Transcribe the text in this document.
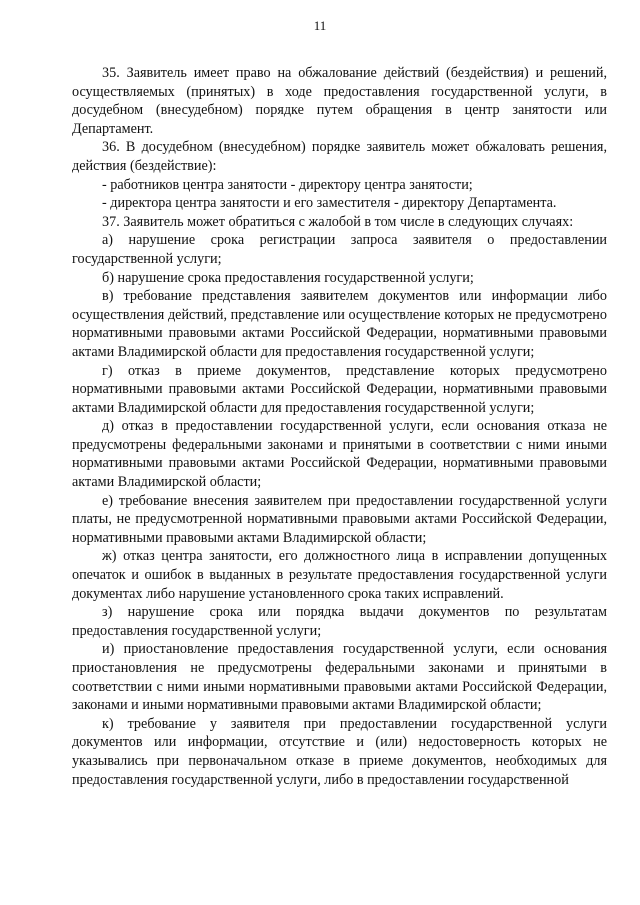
11

35. Заявитель имеет право на обжалование действий (бездействия) и решений, осуществляемых (принятых) в ходе предоставления государственной услуги, в досудебном (внесудебном) порядке путем обращения в центр занятости или Департамент.

36. В досудебном (внесудебном) порядке заявитель может обжаловать решения, действия (бездействие):

- работников центра занятости - директору центра занятости;

- директора центра занятости и его заместителя - директору Департамента.

37. Заявитель может обратиться с жалобой в том числе в следующих случаях:

а) нарушение срока регистрации запроса заявителя о предоставлении государственной услуги;

б) нарушение срока предоставления государственной услуги;

в) требование представления заявителем документов или информации либо осуществления действий, представление или осуществление которых не предусмотрено нормативными правовыми актами Российской Федерации, нормативными правовыми актами Владимирской области для предоставления государственной услуги;

г) отказ в приеме документов, представление которых предусмотрено нормативными правовыми актами Российской Федерации, нормативными правовыми актами Владимирской области для предоставления государственной услуги;

д) отказ в предоставлении государственной услуги, если основания отказа не предусмотрены федеральными законами и принятыми в соответствии с ними иными нормативными правовыми актами Российской Федерации, нормативными правовыми актами Владимирской области;

е) требование внесения заявителем при предоставлении государственной услуги платы, не предусмотренной нормативными правовыми актами Российской Федерации, нормативными правовыми актами Владимирской области;

ж) отказ центра занятости, его должностного лица в исправлении допущенных опечаток и ошибок в выданных в результате предоставления государственной услуги документах либо нарушение установленного срока таких исправлений.

з) нарушение срока или порядка выдачи документов по результатам предоставления государственной услуги;

и) приостановление предоставления государственной услуги, если основания приостановления не предусмотрены федеральными законами и принятыми в соответствии с ними иными нормативными правовыми актами Российской Федерации, законами и иными нормативными правовыми актами Владимирской области;

к) требование у заявителя при предоставлении государственной услуги документов или информации, отсутствие и (или) недостоверность которых не указывались при первоначальном отказе в приеме документов, необходимых для предоставления государственной услуги, либо в предоставлении государственной
